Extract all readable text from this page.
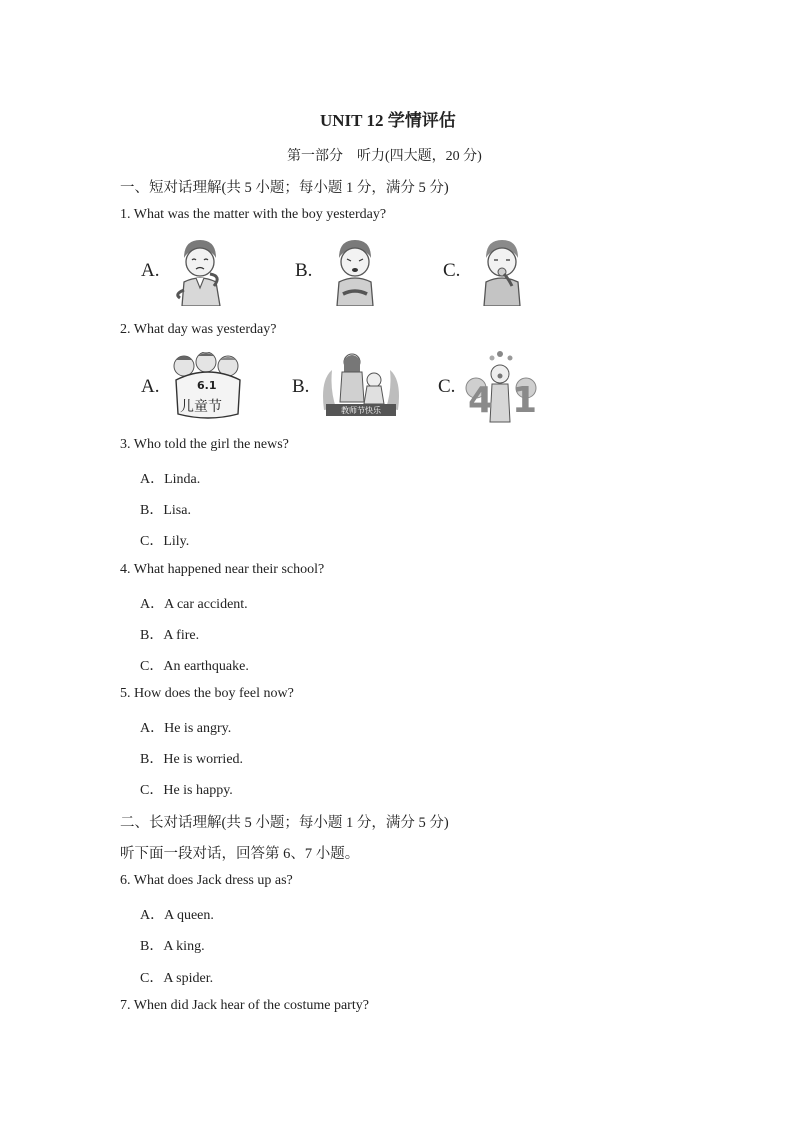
UNIT 12 学情评估
第一部分　听力(四大题，20 分)
一、短对话理解(共 5 小题；每小题 1 分，满分 5 分)
1. What was the matter with the boy yesterday?
A.	B.	C.
2. What day was yesterday?
A.	B.	C.
6.1
儿童节	教师节快乐 4 1
3. Who told the girl the news?
A．Linda.
B．Lisa.
C．Lily.
4. What happened near their school?
A．A car accident.
B．A fire.
C．An earthquake.
5. How does the boy feel now?
A．He is angry.
B．He is worried.
C．He is happy.
二、长对话理解(共 5 小题；每小题 1 分，满分 5 分)
听下面一段对话，回答第 6、7 小题。
6. What does Jack dress up as?
A．A queen.
B．A king.
C．A spider.
7. When did Jack hear of the costume party?
